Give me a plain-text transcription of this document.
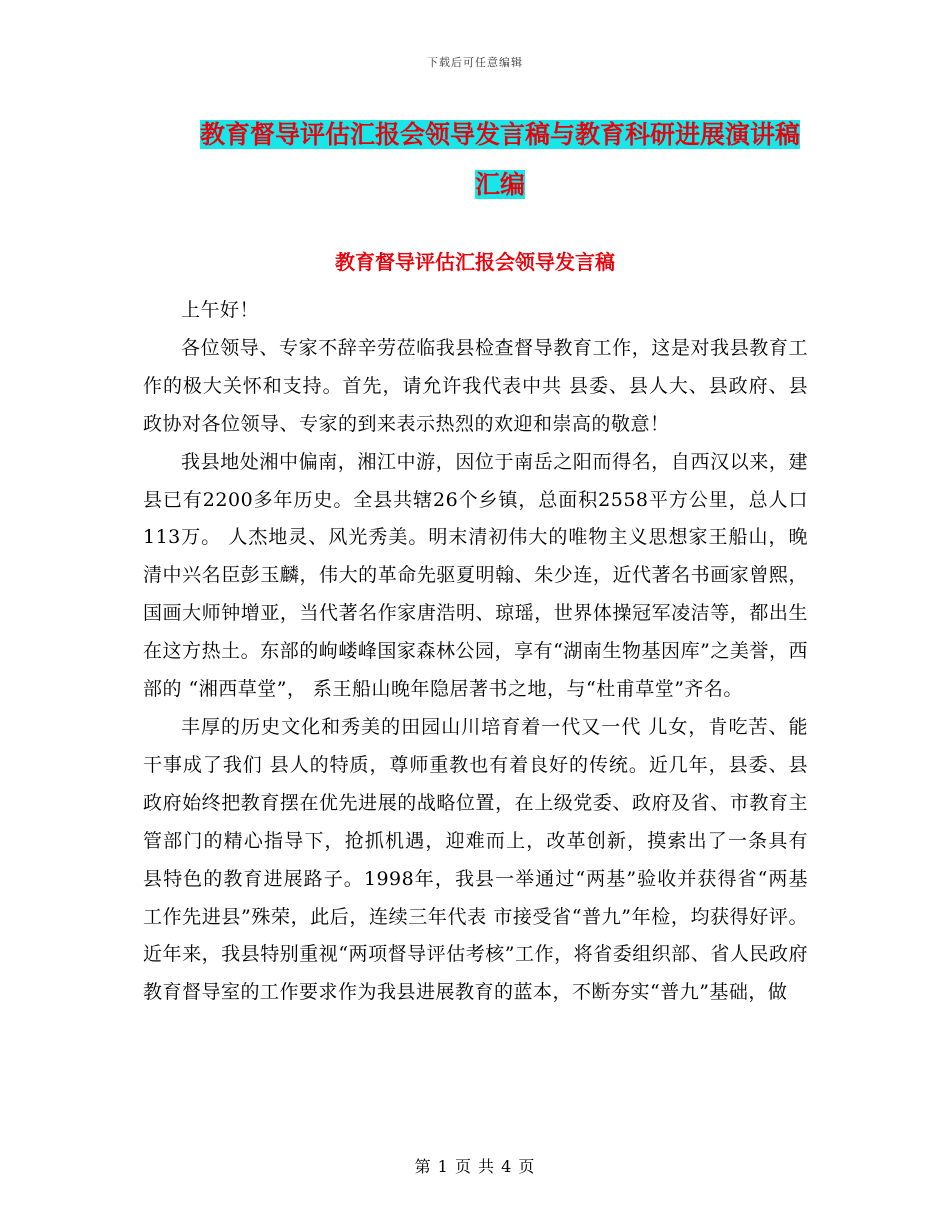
下载后可任意编辑
教育督导评估汇报会领导发言稿与教育科研进展演讲稿汇编
教育督导评估汇报会领导发言稿

上午好！

各位领导、专家不辞辛劳莅临我县检查督导教育工作，这是对我县教育工作的极大关怀和支持。首先，请允许我代表中共 县委、县人大、县政府、县政协对各位领导、专家的到来表示热烈的欢迎和崇高的敬意！

我县地处湘中偏南，湘江中游，因位于南岳之阳而得名，自西汉以来，建县已有2200多年历史。全县共辖26个乡镇，总面积2558平方公里，总人口113万。 人杰地灵、风光秀美。明末清初伟大的唯物主义思想家王船山，晚清中兴名臣彭玉麟，伟大的革命先驱夏明翰、朱少连，近代著名书画家曾熙，国画大师钟增亚，当代著名作家唐浩明、琼瑶，世界体操冠军凌洁等，都出生在这方热土。东部的岣嵝峰国家森林公园，享有“湖南生物基因库”之美誉，西部的 “湘西草堂”， 系王船山晚年隐居著书之地，与“杜甫草堂”齐名。

丰厚的历史文化和秀美的田园山川培育着一代又一代 儿女，肯吃苦、能干事成了我们 县人的特质，尊师重教也有着良好的传统。近几年，县委、县政府始终把教育摆在优先进展的战略位置，在上级党委、政府及省、市教育主管部门的精心指导下，抢抓机遇，迎难而上，改革创新，摸索出了一条具有 县特色的教育进展路子。1998年，我县一举通过“两基”验收并获得省“两基工作先进县”殊荣，此后，连续三年代表 市接受省“普九”年检，均获得好评。近年来，我县特别重视“两项督导评估考核”工作，将省委组织部、省人民政府教育督导室的工作要求作为我县进展教育的蓝本，不断夯实“普九”基础，做

第 1 页 共 4 页
